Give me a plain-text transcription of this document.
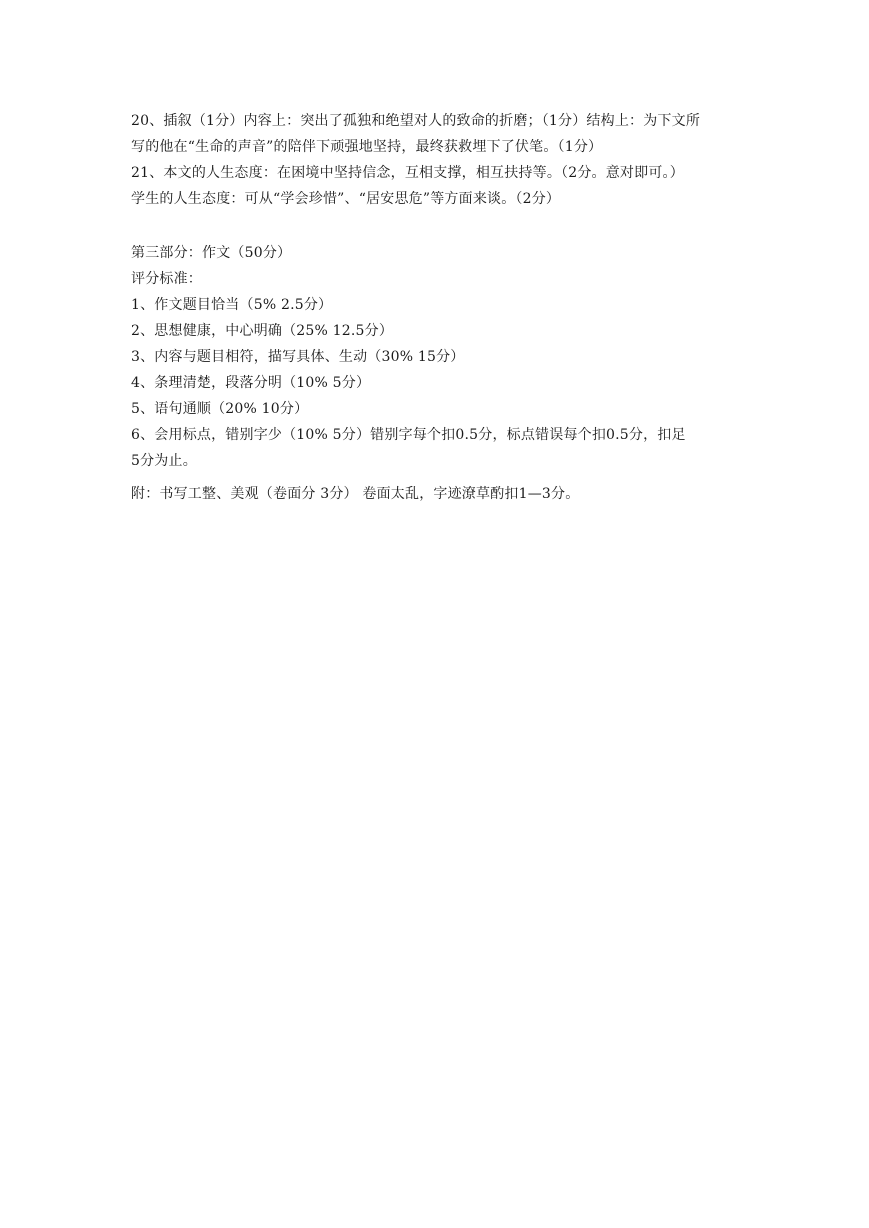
20、插叙（1分）内容上：突出了孤独和绝望对人的致命的折磨；（1分）结构上：为下文所
写的他在“生命的声音”的陪伴下顽强地坚持，最终获救埋下了伏笔。（1分）
21、本文的人生态度：在困境中坚持信念，互相支撑，相互扶持等。（2分。意对即可。）
学生的人生态度：可从“学会珍惜”、“居安思危”等方面来谈。（2分）
第三部分：作文（50分）
评分标准：
1、作文题目恰当（5% 2.5分）
2、思想健康，中心明确（25% 12.5分）
3、内容与题目相符，描写具体、生动（30% 15分）
4、条理清楚，段落分明（10% 5分）
5、语句通顺（20% 10分）
6、会用标点，错别字少（10% 5分）错别字每个扣0.5分，标点错误每个扣0.5分，扣足
5分为止。
附：书写工整、美观（卷面分 3分） 卷面太乱，字迹潦草酌扣1—3分。
